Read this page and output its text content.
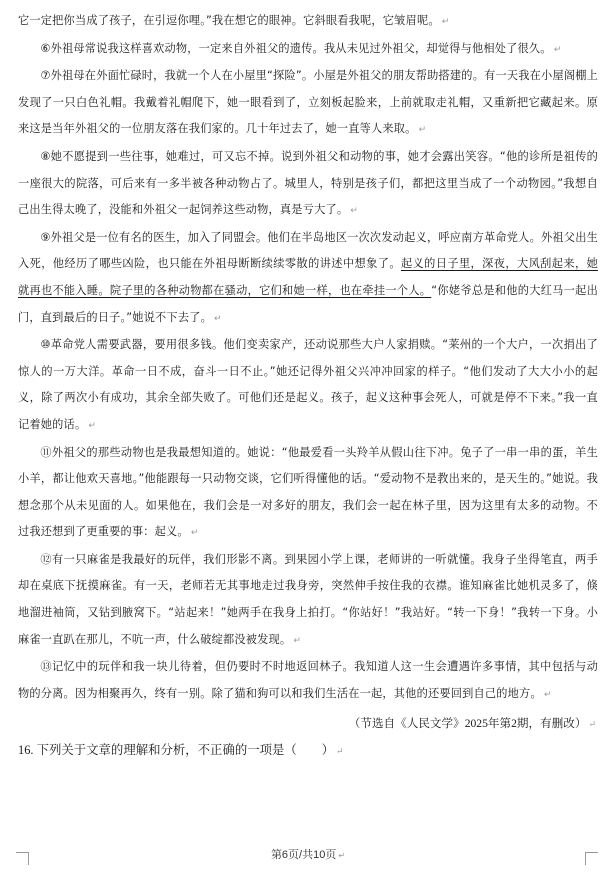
它一定把你当成了孩子，在引逗你哩。”我在想它的眼神。它斜眼看我呢，它皱眉呢。 ↵

⑥外祖母常说我这样喜欢动物，一定来自外祖父的遗传。我从未见过外祖父，却觉得与他相处了很久。 ↵

⑦外祖母在外面忙碌时，我就一个人在小屋里“探险”。小屋是外祖父的朋友帮助搭建的。有一天我在小屋阁棚上发现了一只白色礼帽。我戴着礼帽爬下，她一眼看到了，立刻板起脸来，上前就取走礼帽，又重新把它藏起来。原来这是当年外祖父的一位朋友落在我们家的。几十年过去了，她一直等人来取。 ↵

⑧她不愿提到一些往事，她难过，可又忘不掉。说到外祖父和动物的事，她才会露出笑容。“他的诊所是祖传的一座很大的院落，可后来有一多半被各种动物占了。城里人，特别是孩子们，都把这里当成了一个动物园。”我想自己出生得太晚了，没能和外祖父一起饲养这些动物，真是亏大了。 ↵

⑨外祖父是一位有名的医生，加入了同盟会。他们在半岛地区一次次发动起义，呼应南方革命党人。外祖父出生入死，他经历了哪些凶险，也只能在外祖母断断续续零散的讲述中想象了。起义的日子里，深夜，大风刮起来，她就再也不能入睡。院子里的各种动物都在骚动，它们和她一样，也在牵挂一个人。“你姥爷总是和他的大红马一起出门，直到最后的日子。”她说不下去了。 ↵

⑩革命党人需要武器，要用很多钱。他们变卖家产，还动说那些大户人家捐赎。“莱州的一个大户，一次捐出了惊人的一万大洋。革命一日不成，奋斗一日不止。”她还记得外祖父兴冲冲回家的样子。“他们发动了大大小小的起义，除了两次小有成功，其余全部失败了。可他们还是起义。孩子，起义这种事会死人，可就是停不下来。”我一直记着她的话。 ↵

⑪外祖父的那些动物也是我最想知道的。她说：“他最爱看一头羚羊从假山往下冲。兔子了一串一串的蛋，羊生小羊，都让他欢天喜地。”他能跟每一只动物交谈，它们听得懂他的话。“爱动物不是教出来的，是天生的。”她说。我想念那个从未见面的人。如果他在，我们会是一对多好的朋友，我们会一起在林子里，因为这里有太多的动物。不过我还想到了更重要的事：起义。 ↵

⑫有一只麻雀是我最好的玩伴，我们形影不离。到果园小学上课，老师讲的一听就懂。我身子坐得笔直，两手却在桌底下抚摸麻雀。有一天，老师若无其事地走过我身旁，突然伸手按住我的衣襟。谁知麻雀比她机灵多了，倏地溜进袖筒，又钻到腋窝下。“站起来！”她两手在我身上拍打。“你站好！”我站好。“转一下身！”我转一下身。小麻雀一直趴在那儿，不吭一声，什么破绽都没被发现。 ↵

⑬记忆中的玩伴和我一块儿待着，但仍要时不时地返回林子。我知道人这一生会遭遇许多事情，其中包括与动物的分离。因为相聚再久，终有一别。除了猫和狗可以和我们生活在一起，其他的还要回到自己的地方。 ↵

（节选自《人民文学》2025年第2期，有删改） ↵
16. 下列关于文章的理解和分析，不正确的一项是（　　） ↵
第6页/共10页 ↵
